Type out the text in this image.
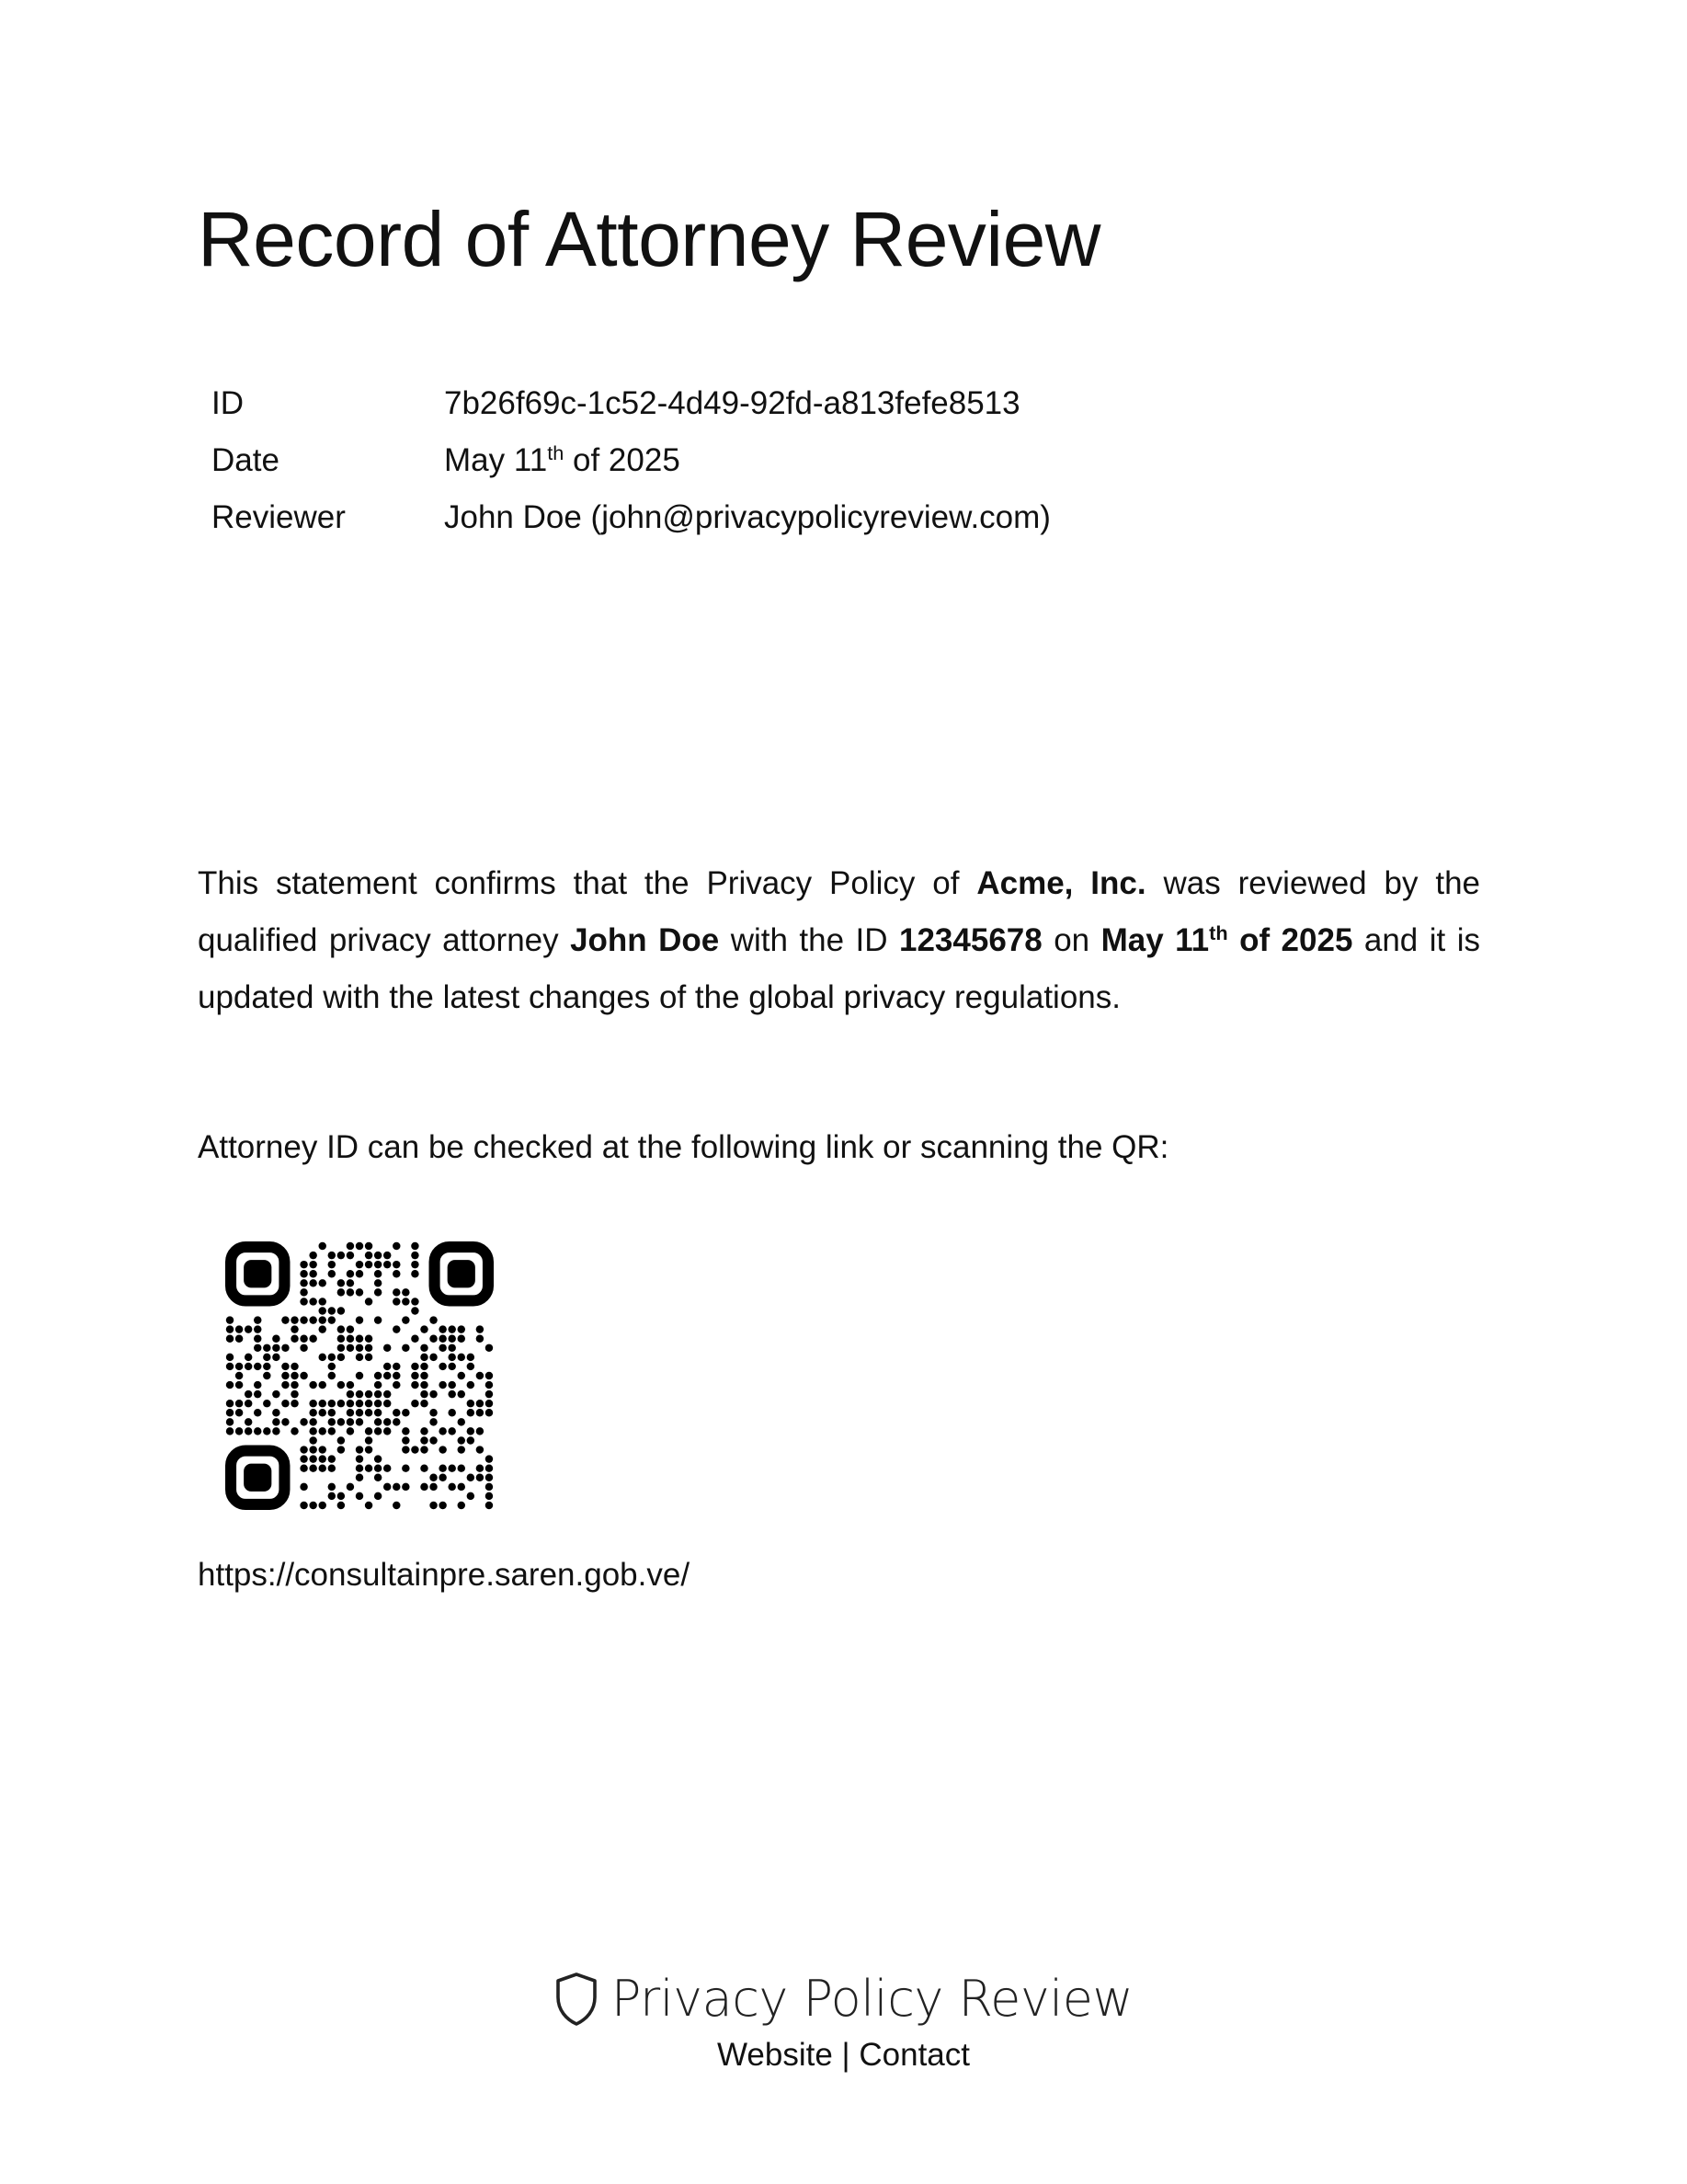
Record of Attorney Review
ID	7b26f69c-1c52-4d49-92fd-a813fefe8513
Date	May 11th of 2025
Reviewer	John Doe (john@privacypolicyreview.com)

This statement confirms that the Privacy Policy of Acme, Inc. was reviewed by the qualified privacy attorney John Doe with the ID 12345678 on May 11th of 2025 and it is updated with the latest changes of the global privacy regulations.

Attorney ID can be checked at the following link or scanning the QR:

https://consultainpre.saren.gob.ve/
Privacy Policy Review
Website | Contact
